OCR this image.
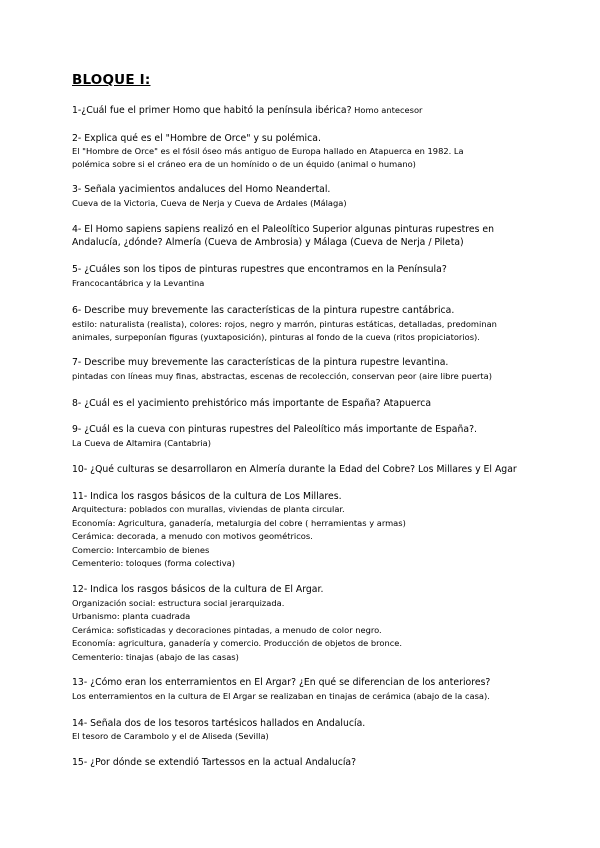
BLOQUE I:
1-¿Cuál fue el primer Homo que habitó la península ibérica? Homo antecesor
2- Explica qué es el "Hombre de Orce" y su polémica.
El "Hombre de Orce" es el fósil óseo más antiguo de Europa hallado en Atapuerca en 1982. La
polémica sobre si el cráneo era de un homínido o de un équido (animal o humano)
3- Señala yacimientos andaluces del Homo Neandertal.
Cueva de la Victoria, Cueva de Nerja y Cueva de Ardales (Málaga)
4- El Homo sapiens sapiens realizó en el Paleolítico Superior algunas pinturas rupestres en
Andalucía, ¿dónde? Almería (Cueva de Ambrosia) y Málaga (Cueva de Nerja / Pileta)
5- ¿Cuáles son los tipos de pinturas rupestres que encontramos en la Península?
Francocantábrica y la Levantina
6- Describe muy brevemente las características de la pintura rupestre cantábrica.
estilo: naturalista (realista), colores: rojos, negro y marrón, pinturas estáticas, detalladas, predominan
animales, surpeponían figuras (yuxtaposición), pinturas al fondo de la cueva (ritos propiciatorios).
7- Describe muy brevemente las características de la pintura rupestre levantina.
pintadas con líneas muy finas, abstractas, escenas de recolección, conservan peor (aire libre puerta)
8- ¿Cuál es el yacimiento prehistórico más importante de España? Atapuerca
9- ¿Cuál es la cueva con pinturas rupestres del Paleolítico más importante de España?.
La Cueva de Altamira (Cantabria)
10- ¿Qué culturas se desarrollaron en Almería durante la Edad del Cobre? Los Millares y El Agar
11- Indica los rasgos básicos de la cultura de Los Millares.
Arquitectura: poblados con murallas, viviendas de planta circular.
Economía: Agricultura, ganadería, metalurgia del cobre ( herramientas y armas)
Cerámica: decorada, a menudo con motivos geométricos.
Comercio: Intercambio de bienes
Cementerio: toloques (forma colectiva)
12- Indica los rasgos básicos de la cultura de El Argar.
Organización social: estructura social jerarquizada.
Urbanismo: planta cuadrada
Cerámica: sofisticadas y decoraciones pintadas, a menudo de color negro.
Economía: agricultura, ganadería y comercio. Producción de objetos de bronce.
Cementerio: tinajas (abajo de las casas)
13- ¿Cómo eran los enterramientos en El Argar? ¿En qué se diferencian de los anteriores?
Los enterramientos en la cultura de El Argar se realizaban en tinajas de cerámica (abajo de la casa).
14- Señala dos de los tesoros tartésicos hallados en Andalucía.
El tesoro de Carambolo y el de Aliseda (Sevilla)
15- ¿Por dónde se extendió Tartessos en la actual Andalucía?
